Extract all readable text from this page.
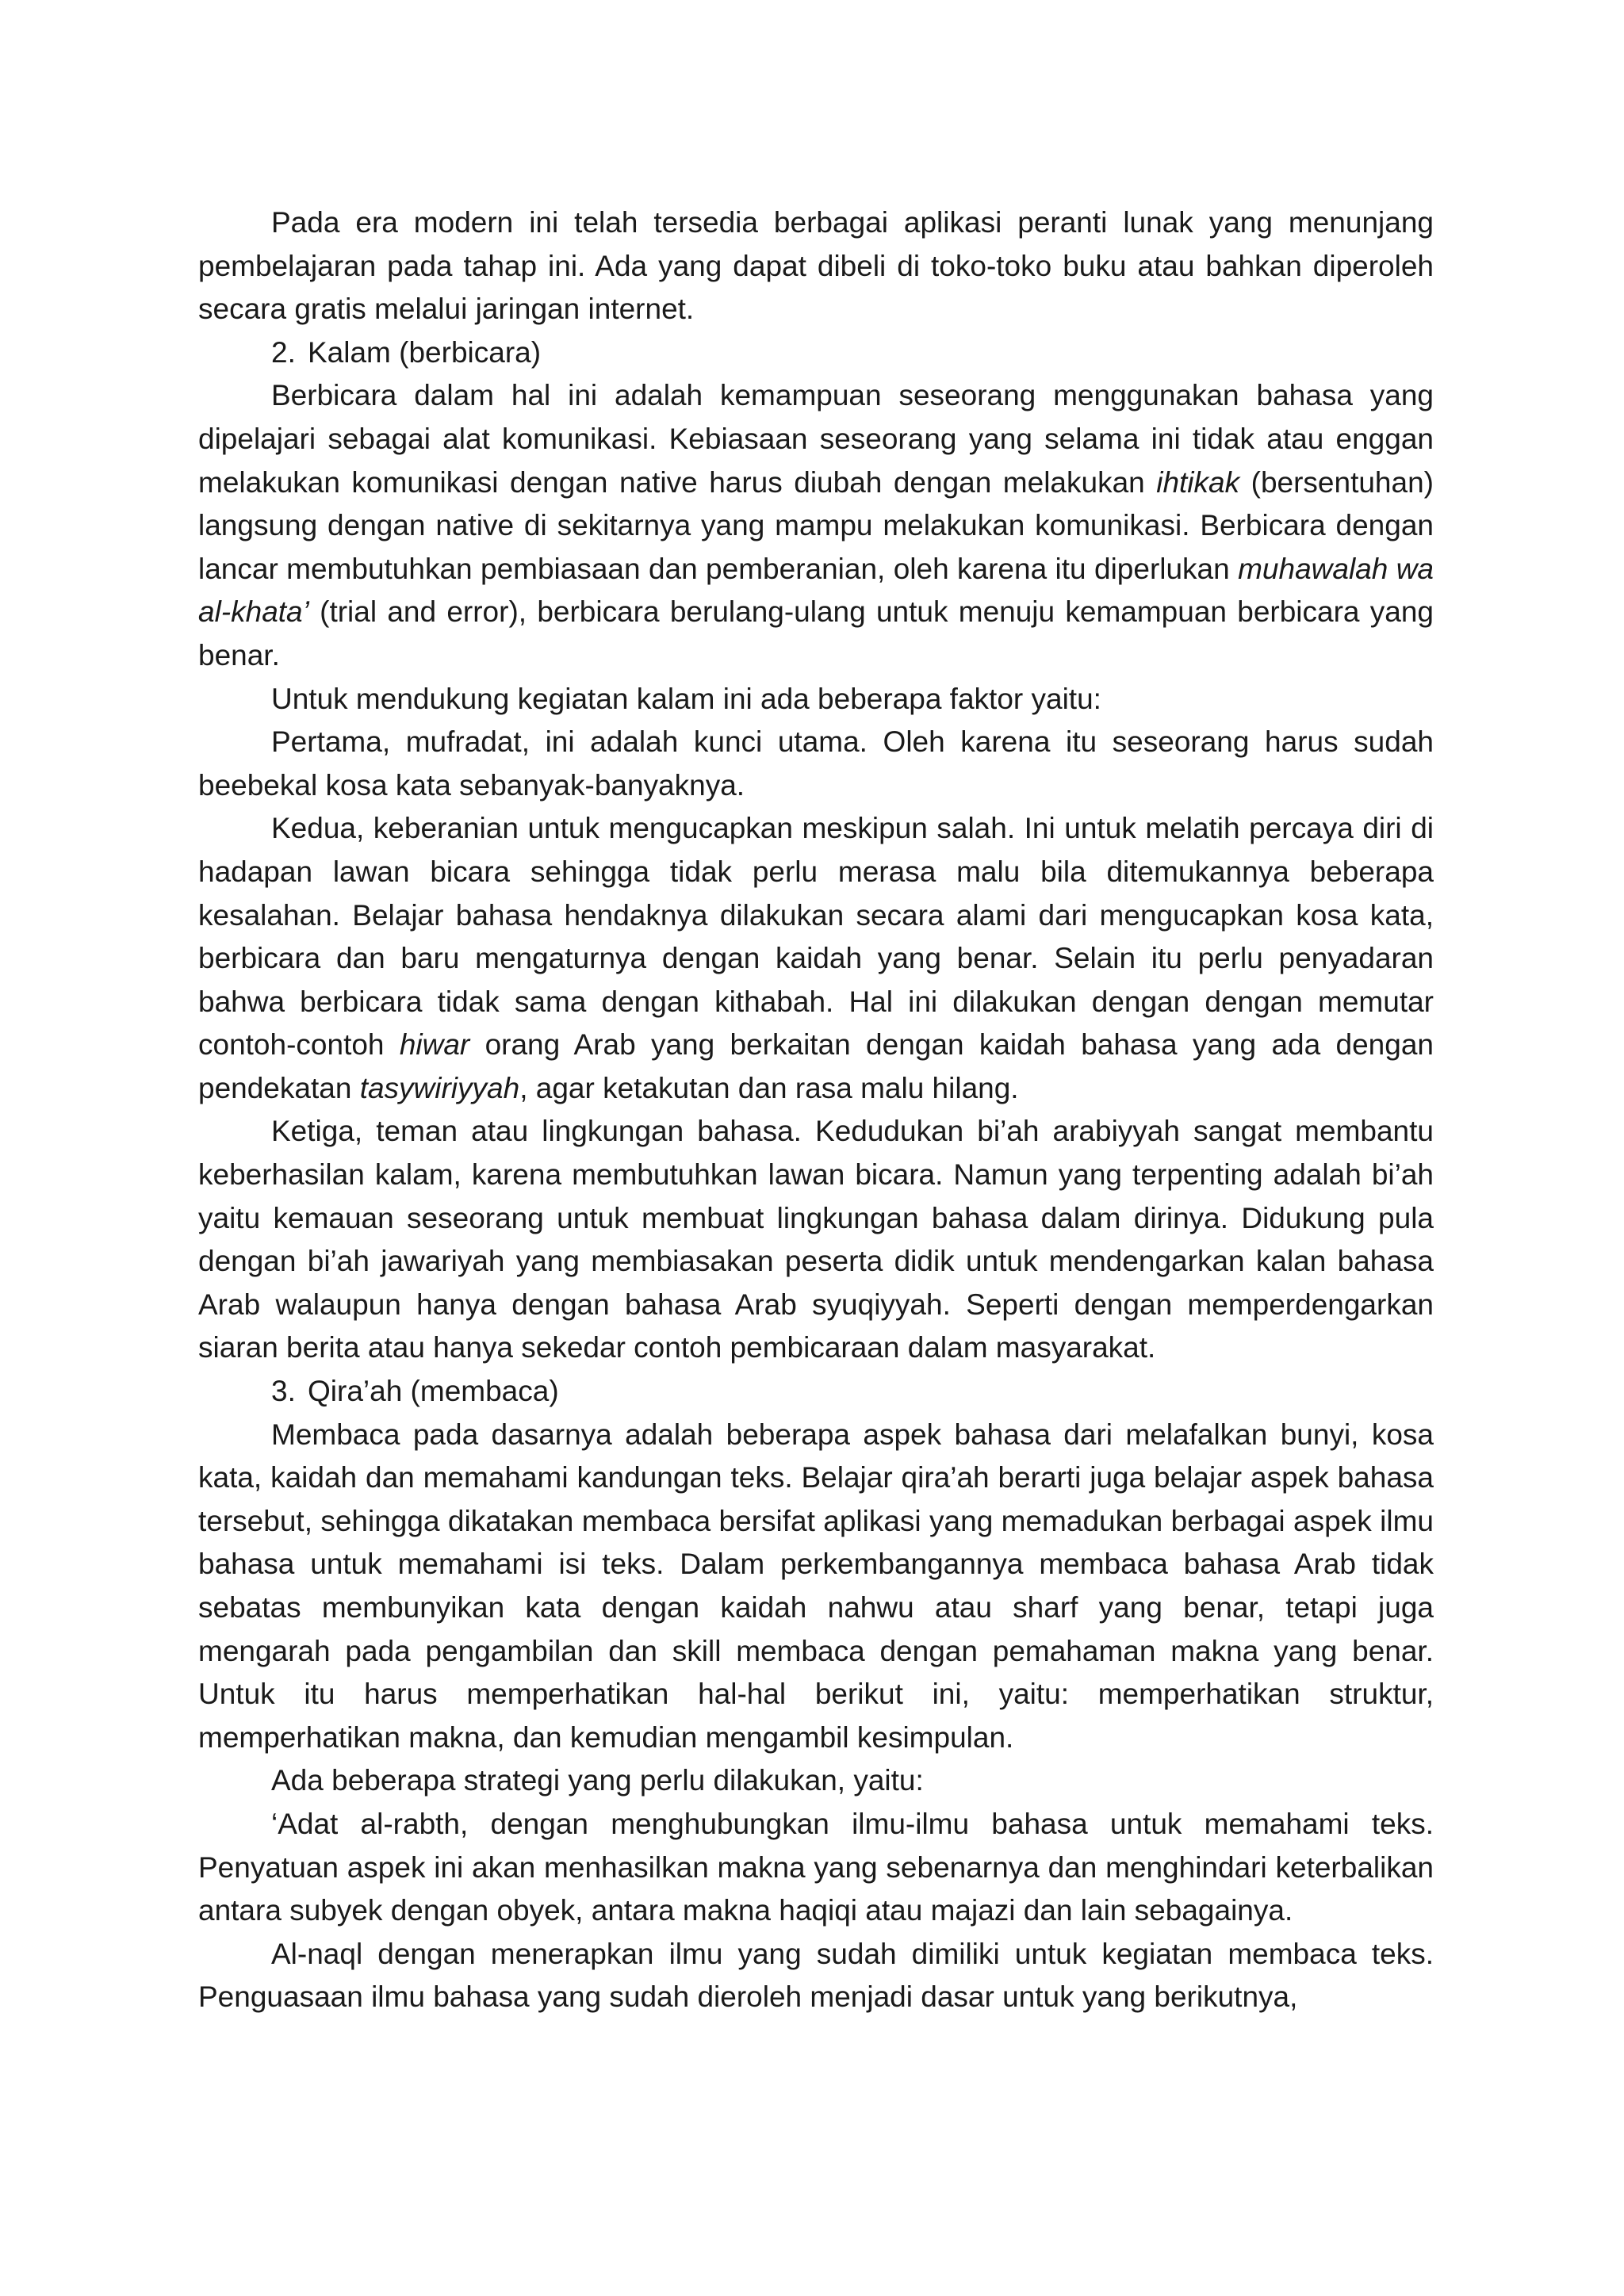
Pada era modern ini telah tersedia berbagai aplikasi peranti lunak yang menunjang pembelajaran pada tahap ini. Ada yang dapat dibeli di toko-toko buku atau bahkan diperoleh secara gratis melalui jaringan internet.

2. Kalam (berbicara)

Berbicara dalam hal ini adalah kemampuan seseorang menggunakan bahasa yang dipelajari sebagai alat komunikasi. Kebiasaan seseorang yang selama ini tidak atau enggan melakukan komunikasi dengan native harus diubah dengan melakukan ihtikak (bersentuhan) langsung dengan native di sekitarnya yang mampu melakukan komunikasi. Berbicara dengan lancar membutuhkan pembiasaan dan pemberanian, oleh karena itu diperlukan muhawalah wa al-khata’ (trial and error), berbicara berulang-ulang untuk menuju kemampuan berbicara yang benar.

Untuk mendukung kegiatan kalam ini ada beberapa faktor yaitu:

Pertama, mufradat, ini adalah kunci utama. Oleh karena itu seseorang harus sudah beebekal kosa kata sebanyak-banyaknya.

Kedua, keberanian untuk mengucapkan meskipun salah. Ini untuk melatih percaya diri di hadapan lawan bicara sehingga tidak perlu merasa malu bila ditemukannya beberapa kesalahan. Belajar bahasa hendaknya dilakukan secara alami dari mengucapkan kosa kata, berbicara dan baru mengaturnya dengan kaidah yang benar. Selain itu perlu penyadaran bahwa berbicara tidak sama dengan kithabah. Hal ini dilakukan dengan dengan memutar contoh-contoh hiwar orang Arab yang berkaitan dengan kaidah bahasa yang ada dengan pendekatan tasywiriyyah, agar ketakutan dan rasa malu hilang.

Ketiga, teman atau lingkungan bahasa. Kedudukan bi’ah arabiyyah sangat membantu keberhasilan kalam, karena membutuhkan lawan bicara. Namun yang terpenting adalah bi’ah yaitu kemauan seseorang untuk membuat lingkungan bahasa dalam dirinya. Didukung pula dengan bi’ah jawariyah yang membiasakan peserta didik untuk mendengarkan kalan bahasa Arab walaupun hanya dengan bahasa Arab syuqiyyah. Seperti dengan memperdengarkan siaran berita atau hanya sekedar contoh pembicaraan dalam masyarakat.

3. Qira’ah (membaca)

Membaca pada dasarnya adalah beberapa aspek bahasa dari melafalkan bunyi, kosa kata, kaidah dan memahami kandungan teks. Belajar qira’ah berarti juga belajar aspek bahasa tersebut, sehingga dikatakan membaca bersifat aplikasi yang memadukan berbagai aspek ilmu bahasa untuk memahami isi teks. Dalam perkembangannya membaca bahasa Arab tidak sebatas membunyikan kata dengan kaidah nahwu atau sharf yang benar, tetapi juga mengarah pada pengambilan dan skill membaca dengan pemahaman makna yang benar. Untuk itu harus memperhatikan hal-hal berikut ini, yaitu: memperhatikan struktur, memperhatikan makna, dan kemudian mengambil kesimpulan.

Ada beberapa strategi yang perlu dilakukan, yaitu:

‘Adat al-rabth, dengan menghubungkan ilmu-ilmu bahasa untuk memahami teks. Penyatuan aspek ini akan menhasilkan makna yang sebenarnya dan menghindari keterbalikan antara subyek dengan obyek, antara makna haqiqi atau majazi dan lain sebagainya.

Al-naql dengan menerapkan ilmu yang sudah dimiliki untuk kegiatan membaca teks. Penguasaan ilmu bahasa yang sudah dieroleh menjadi dasar untuk yang berikutnya,
